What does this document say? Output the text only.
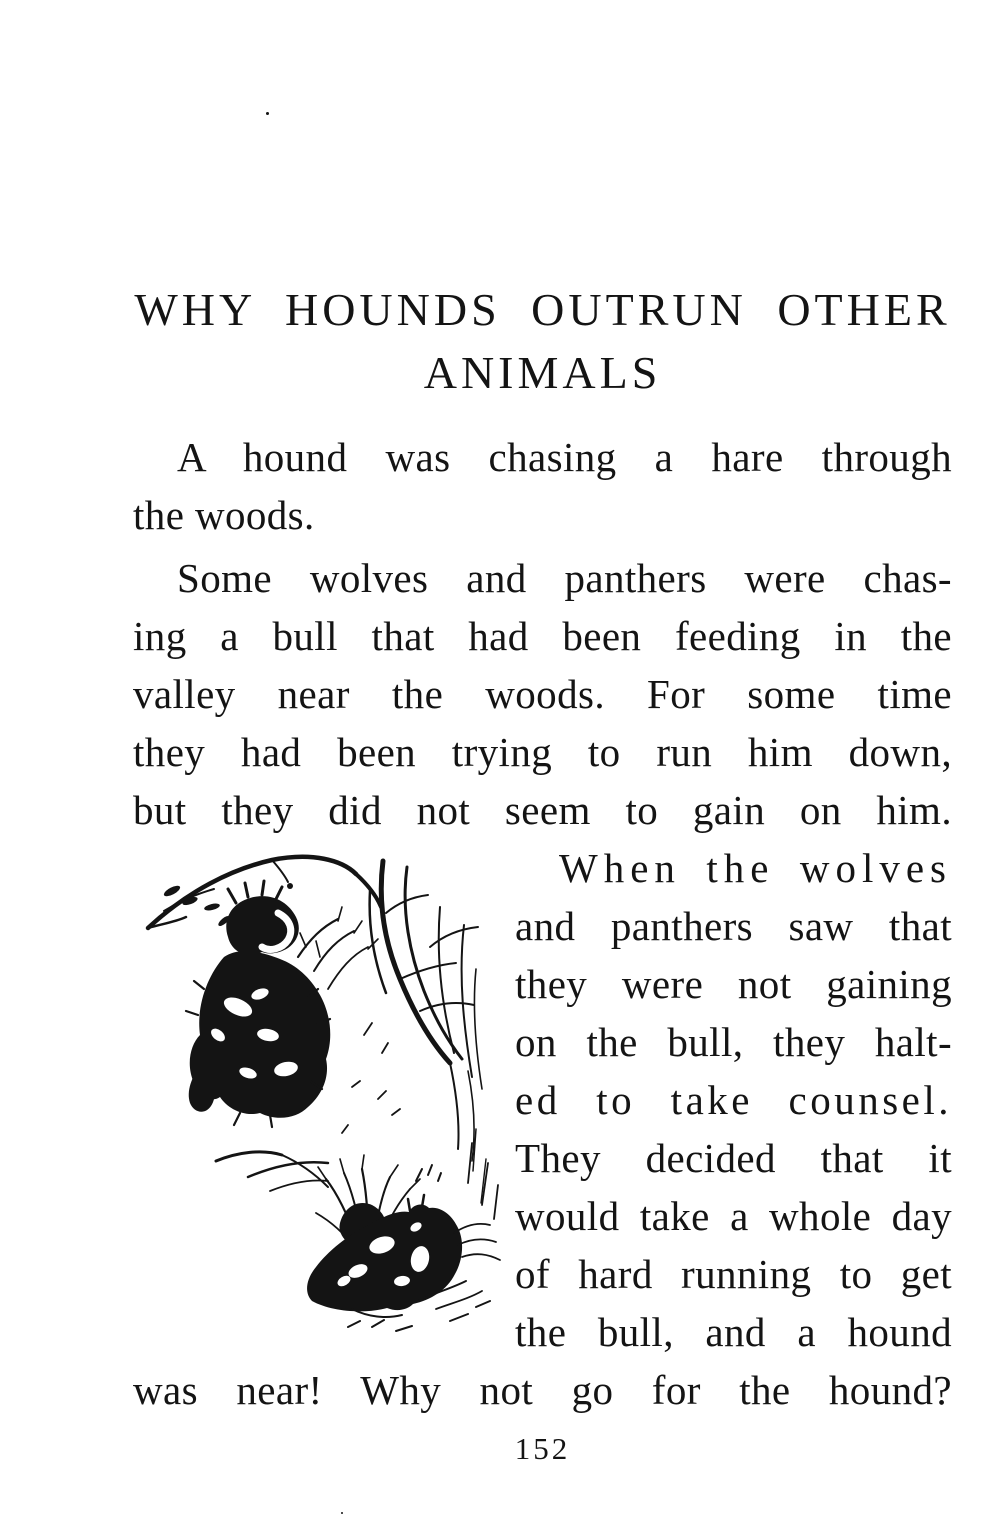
WHY HOUNDS OUTRUN OTHER
ANIMALS
A hound was chasing a hare through
the woods.
Some wolves and panthers were chas-
ing a bull that had been feeding in the
valley near the woods. For some time
they had been trying to run him down,
but they did not seem to gain on him.
When the wolves
and panthers saw that
they were not gaining
on the bull, they halt-
ed to take counsel.
They decided that it
would take a whole day
of hard running to get
the bull, and a hound
was near! Why not go for the hound?
152
